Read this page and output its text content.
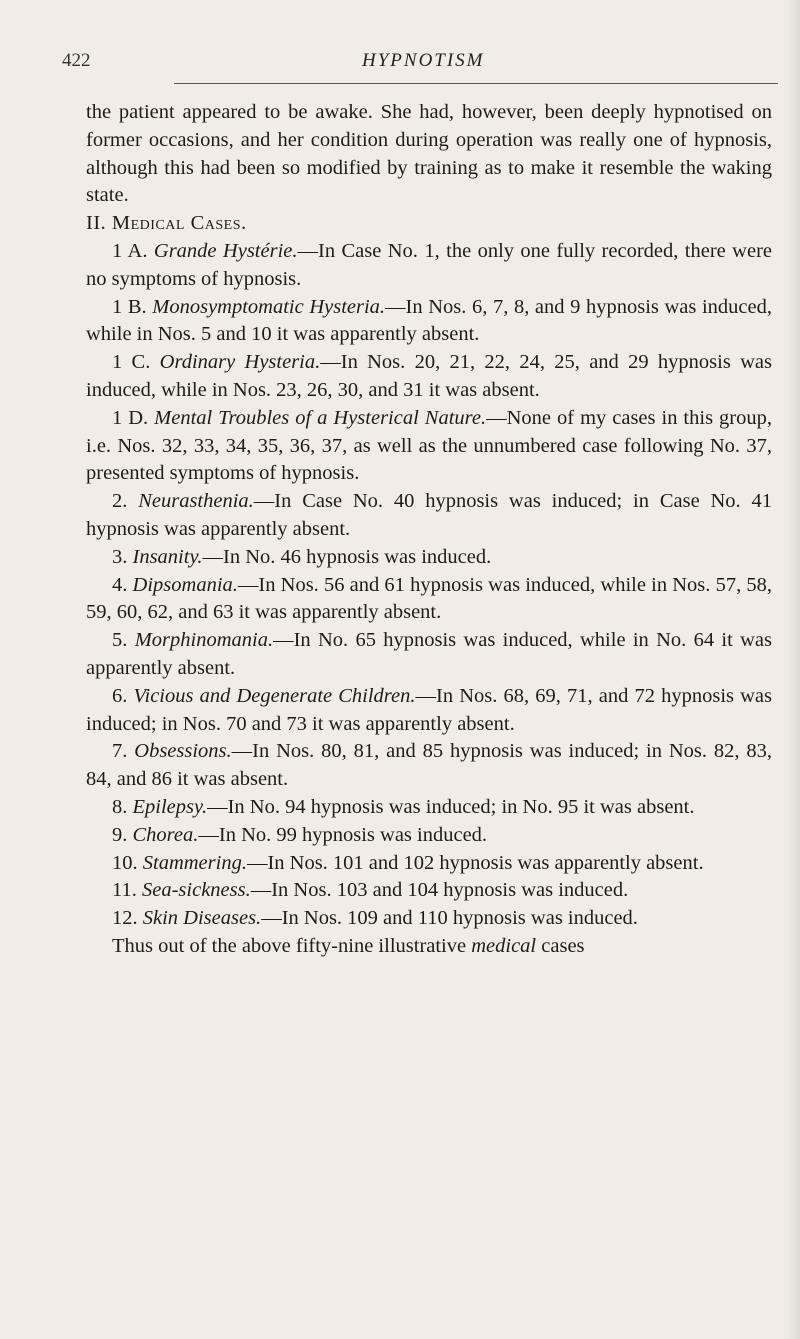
422	HYPNOTISM

the patient appeared to be awake. She had, however, been deeply hypnotised on former occasions, and her condition during operation was really one of hypnosis, although this had been so modified by training as to make it resemble the waking state.

II. Medical Cases.

1 A. Grande Hystérie.—In Case No. 1, the only one fully recorded, there were no symptoms of hypnosis.

1 B. Monosymptomatic Hysteria.—In Nos. 6, 7, 8, and 9 hypnosis was induced, while in Nos. 5 and 10 it was apparently absent.

1 C. Ordinary Hysteria.—In Nos. 20, 21, 22, 24, 25, and 29 hypnosis was induced, while in Nos. 23, 26, 30, and 31 it was absent.

1 D. Mental Troubles of a Hysterical Nature.—None of my cases in this group, i.e. Nos. 32, 33, 34, 35, 36, 37, as well as the unnumbered case following No. 37, presented symptoms of hypnosis.

2. Neurasthenia.—In Case No. 40 hypnosis was induced; in Case No. 41 hypnosis was apparently absent.

3. Insanity.—In No. 46 hypnosis was induced.

4. Dipsomania.—In Nos. 56 and 61 hypnosis was induced, while in Nos. 57, 58, 59, 60, 62, and 63 it was apparently absent.

5. Morphinomania.—In No. 65 hypnosis was induced, while in No. 64 it was apparently absent.

6. Vicious and Degenerate Children.—In Nos. 68, 69, 71, and 72 hypnosis was induced; in Nos. 70 and 73 it was apparently absent.

7. Obsessions.—In Nos. 80, 81, and 85 hypnosis was induced; in Nos. 82, 83, 84, and 86 it was absent.

8. Epilepsy.—In No. 94 hypnosis was induced; in No. 95 it was absent.

9. Chorea.—In No. 99 hypnosis was induced.

10. Stammering.—In Nos. 101 and 102 hypnosis was apparently absent.

11. Sea-sickness.—In Nos. 103 and 104 hypnosis was induced.

12. Skin Diseases.—In Nos. 109 and 110 hypnosis was induced.

Thus out of the above fifty-nine illustrative medical cases
